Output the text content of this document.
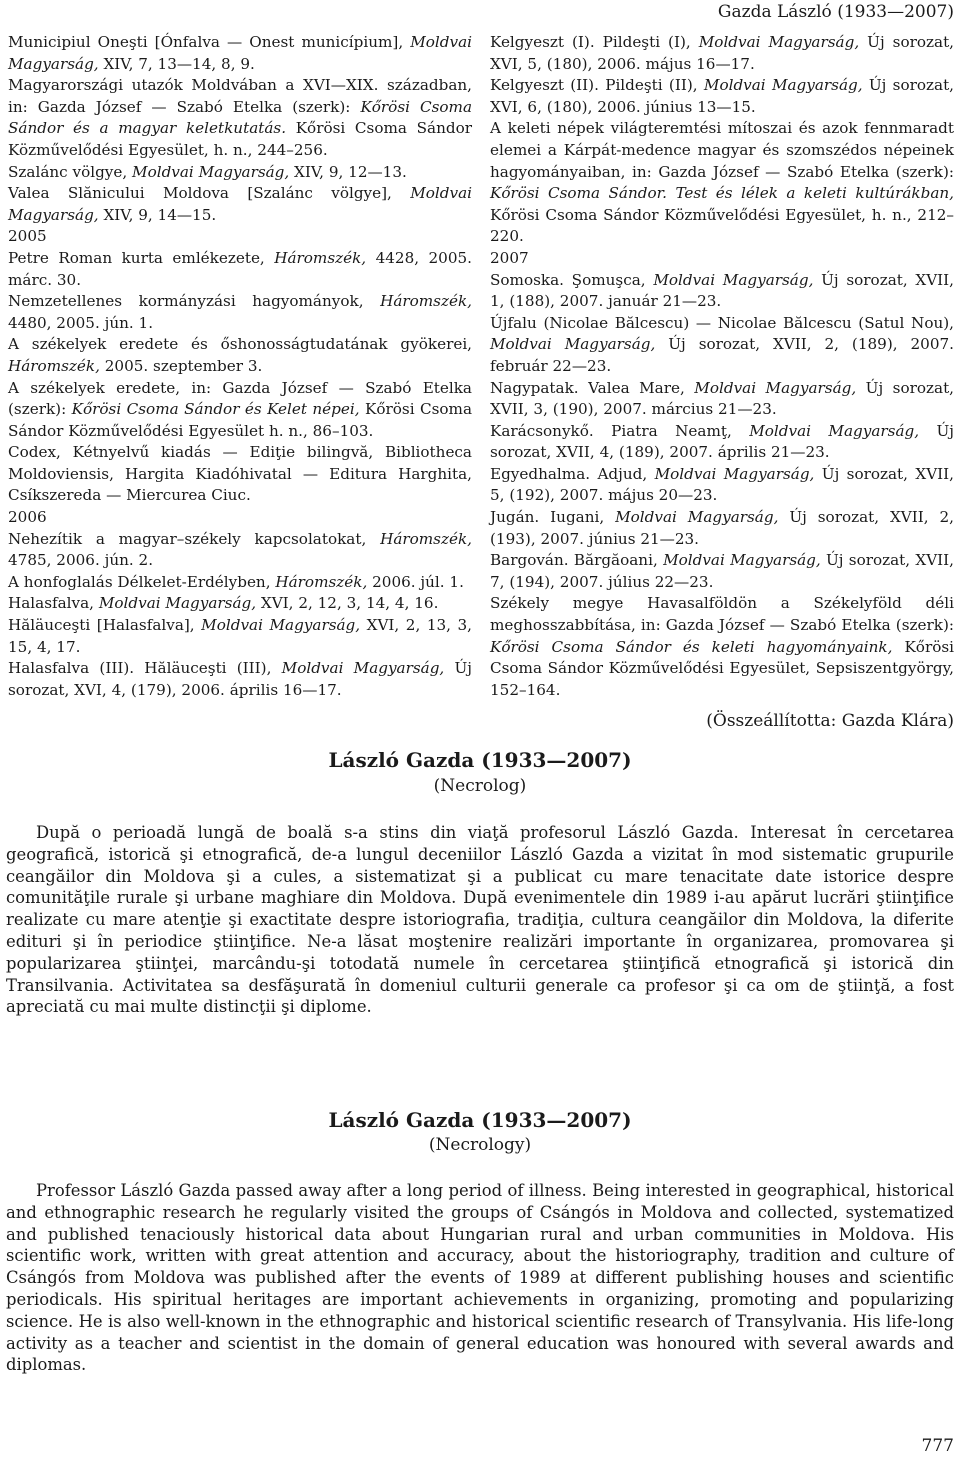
Gazda László (1933—2007)

Municipiul Oneşti [Ónfalva — Onest municípium], Moldvai Magyarság, XIV, 7, 13—14, 8, 9.

Magyarországi utazók Moldvában a XVI—XIX. században, in: Gazda József — Szabó Etelka (szerk): Kőrösi Csoma Sándor és a magyar keletkutatás. Kőrösi Csoma Sándor Közművelődési Egyesület, h. n., 244–256.

Szalánc völgye, Moldvai Magyarság, XIV, 9, 12—13.

Valea Slănicului Moldova [Szalánc völgye], Moldvai Magyarság, XIV, 9, 14—15.

2005

Petre Roman kurta emlékezete, Háromszék, 4428, 2005. márc. 30.

Nemzetellenes kormányzási hagyományok, Háromszék, 4480, 2005. jún. 1.

A székelyek eredete és őshonosságtudatának gyökerei, Háromszék, 2005. szeptember 3.

A székelyek eredete, in: Gazda József — Szabó Etelka (szerk): Kőrösi Csoma Sándor és Kelet népei, Kőrösi Csoma Sándor Közművelődési Egyesület h. n., 86–103.

Codex, Kétnyelvű kiadás — Ediţie bilingvă, Bibliotheca Moldoviensis, Hargita Kiadóhivatal — Editura Harghita, Csíkszereda — Miercurea Ciuc.

2006

Nehezítik a magyar–székely kapcsolatokat, Háromszék, 4785, 2006. jún. 2.

A honfoglalás Délkelet-Erdélyben, Háromszék, 2006. júl. 1.

Halasfalva, Moldvai Magyarság, XVI, 2, 12, 3, 14, 4, 16.

Hăläuceşti [Halasfalva], Moldvai Magyarság, XVI, 2, 13, 3, 15, 4, 17.

Halasfalva (III). Hăläuceşti (III), Moldvai Magyarság, Új sorozat, XVI, 4, (179), 2006. április 16—17.

Kelgyeszt (I). Pildeşti (I), Moldvai Magyarság, Új sorozat, XVI, 5, (180), 2006. május 16—17.

Kelgyeszt (II). Pildeşti (II), Moldvai Magyarság, Új sorozat, XVI, 6, (180), 2006. június 13—15.

A keleti népek világteremtési mítoszai és azok fennmaradt elemei a Kárpát-medence magyar és szomszédos népeinek hagyományaiban, in: Gazda József — Szabó Etelka (szerk): Kőrösi Csoma Sándor. Test és lélek a keleti kultúrákban, Kőrösi Csoma Sándor Közművelődési Egyesület, h. n., 212–220.

2007

Somoska. Şomuşca, Moldvai Magyarság, Új sorozat, XVII, 1, (188), 2007. január 21—23.

Újfalu (Nicolae Bălcescu) — Nicolae Bălcescu (Satul Nou), Moldvai Magyarság, Új sorozat, XVII, 2, (189), 2007. február 22—23.

Nagypatak. Valea Mare, Moldvai Magyarság, Új sorozat, XVII, 3, (190), 2007. március 21—23.

Karácsonykő. Piatra Neamţ, Moldvai Magyarság, Új sorozat, XVII, 4, (189), 2007. április 21—23.

Egyedhalma. Adjud, Moldvai Magyarság, Új sorozat, XVII, 5, (192), 2007. május 20—23.

Jugán. Iugani, Moldvai Magyarság, Új sorozat, XVII, 2, (193), 2007. június 21—23.

Bargován. Bărgăoani, Moldvai Magyarság, Új sorozat, XVII, 7, (194), 2007. július 22—23.

Székely megye Havasalföldön a Székelyföld déli meghosszabbítása, in: Gazda József — Szabó Etelka (szerk): Kőrösi Csoma Sándor és keleti hagyományaink, Kőrösi Csoma Sándor Közművelődési Egyesület, Sepsiszentgyörgy, 152–164.

(Összeállította: Gazda Klára)
László Gazda (1933—2007)
(Necrolog)

După o perioadă lungă de boală s-a stins din viaţă profesorul László Gazda. Interesat în cercetarea geografică, istorică şi etnografică, de-a lungul deceniilor László Gazda a vizitat în mod sistematic grupurile ceangăilor din Moldova şi a cules, a sistematizat şi a publicat cu mare tenacitate date istorice despre comunităţile rurale şi urbane maghiare din Moldova. După evenimentele din 1989 i-au apărut lucrări ştiinţifice realizate cu mare atenţie şi exactitate despre istoriografia, tradiţia, cultura ceangăilor din Moldova, la diferite edituri şi în periodice ştiinţifice. Ne-a lăsat moştenire realizări importante în organizarea, promovarea şi popularizarea ştiinţei, marcându-şi totodată numele în cercetarea ştiinţifică etnografică şi istorică din Transilvania. Activitatea sa desfăşurată în domeniul culturii generale ca profesor şi ca om de ştiinţă, a fost apreciată cu mai multe distincţii şi diplome.

László Gazda (1933—2007)
(Necrology)

Professor László Gazda passed away after a long period of illness. Being interested in geographical, historical and ethnographic research he regularly visited the groups of Csángós in Moldova and collected, systematized and published tenaciously historical data about Hungarian rural and urban communities in Moldova. His scientific work, written with great attention and accuracy, about the historiography, tradition and culture of Csángós from Moldova was published after the events of 1989 at different publishing houses and scientific periodicals. His spiritual heritages are important achievements in organizing, promoting and popularizing science. He is also well-known in the ethnographic and historical scientific research of Transylvania. His life-long activity as a teacher and scientist in the domain of general education was honoured with several awards and diplomas.

777
